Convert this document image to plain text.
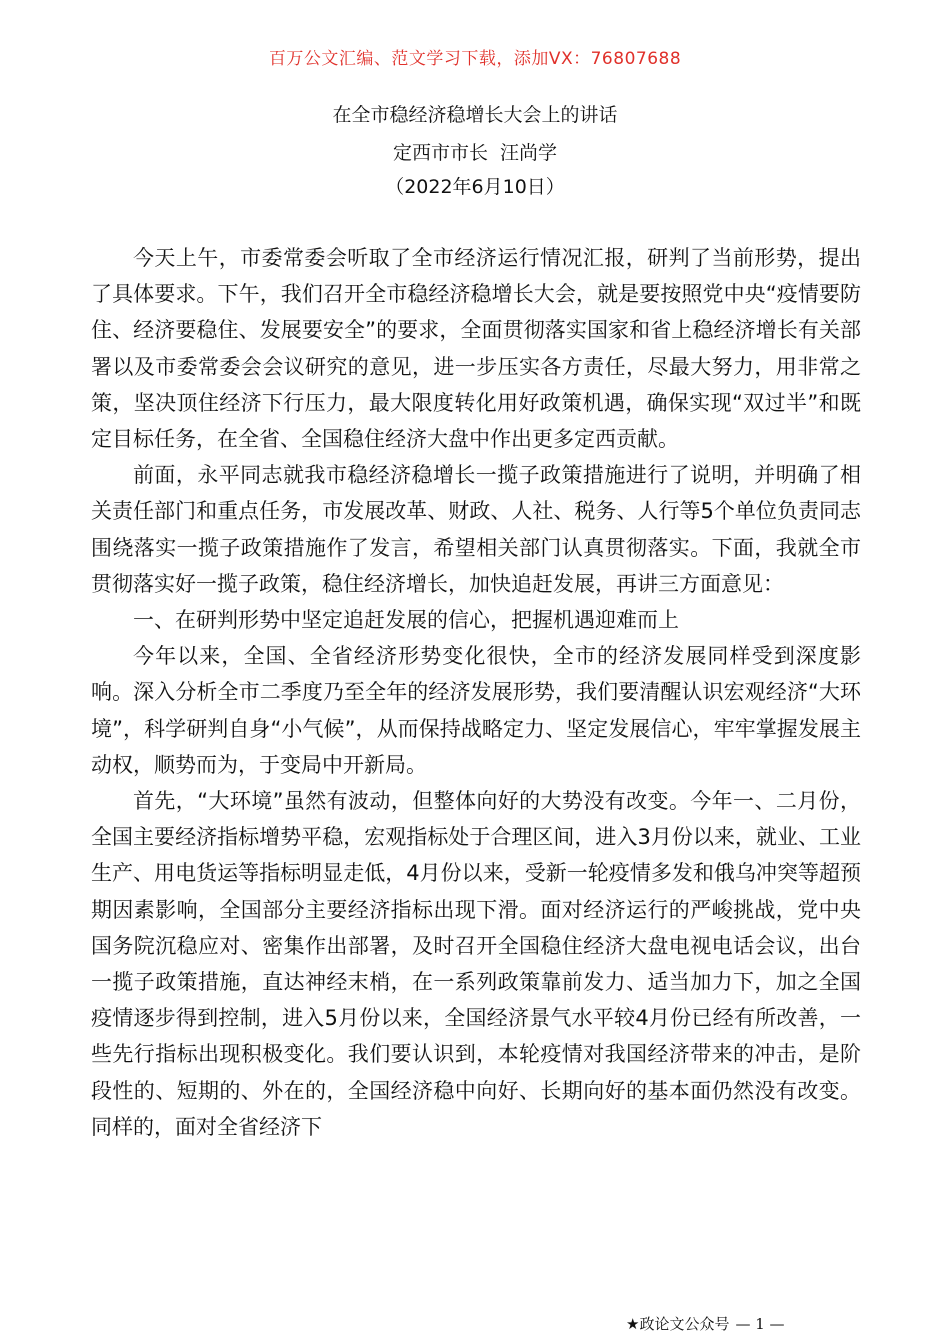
百万公文汇编、范文学习下载，添加VX：76807688
在全市稳经济稳增长大会上的讲话
定西市市长  汪尚学
（2022年6月10日）

今天上午，市委常委会听取了全市经济运行情况汇报，研判了当前形势，提出了具体要求。下午，我们召开全市稳经济稳增长大会，就是要按照党中央“疫情要防住、经济要稳住、发展要安全”的要求，全面贯彻落实国家和省上稳经济增长有关部署以及市委常委会会议研究的意见，进一步压实各方责任，尽最大努力，用非常之策，坚决顶住经济下行压力，最大限度转化用好政策机遇，确保实现“双过半”和既定目标任务，在全省、全国稳住经济大盘中作出更多定西贡献。

前面，永平同志就我市稳经济稳增长一揽子政策措施进行了说明，并明确了相关责任部门和重点任务，市发展改革、财政、人社、税务、人行等5个单位负责同志围绕落实一揽子政策措施作了发言，希望相关部门认真贯彻落实。下面，我就全市贯彻落实好一揽子政策，稳住经济增长，加快追赶发展，再讲三方面意见：

一、在研判形势中坚定追赶发展的信心，把握机遇迎难而上

今年以来，全国、全省经济形势变化很快，全市的经济发展同样受到深度影响。深入分析全市二季度乃至全年的经济发展形势，我们要清醒认识宏观经济“大环境”，科学研判自身“小气候”，从而保持战略定力、坚定发展信心，牢牢掌握发展主动权，顺势而为，于变局中开新局。

首先，“大环境”虽然有波动，但整体向好的大势没有改变。今年一、二月份，全国主要经济指标增势平稳，宏观指标处于合理区间，进入3月份以来，就业、工业生产、用电货运等指标明显走低，4月份以来，受新一轮疫情多发和俄乌冲突等超预期因素影响，全国部分主要经济指标出现下滑。面对经济运行的严峻挑战，党中央国务院沉稳应对、密集作出部署，及时召开全国稳住经济大盘电视电话会议，出台一揽子政策措施，直达神经末梢，在一系列政策靠前发力、适当加力下，加之全国疫情逐步得到控制，进入5月份以来，全国经济景气水平较4月份已经有所改善，一些先行指标出现积极变化。我们要认识到，本轮疫情对我国经济带来的冲击，是阶段性的、短期的、外在的，全国经济稳中向好、长期向好的基本面仍然没有改变。同样的，面对全省经济下

★政论文公众号 — 1 —
